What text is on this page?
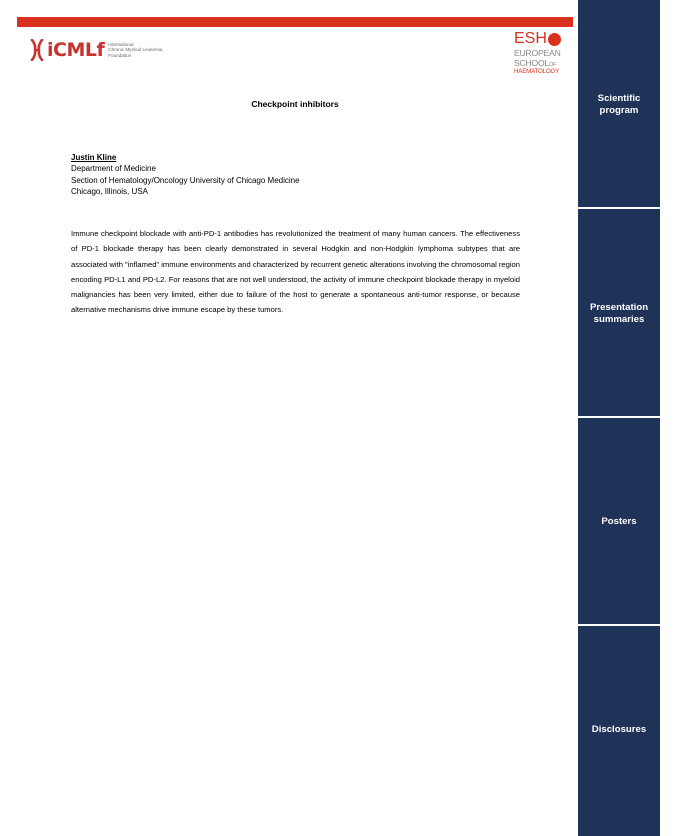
iCMLf International
Chronic Myeloid Leukemia
Foundation
ESH
EUROPEAN
SCHOOLOF
HAEMATOLOGY
Checkpoint inhibitors
Justin Kline
Department of Medicine
Section of Hematology/Oncology University of Chicago Medicine
Chicago, Illinois, USA
Immune checkpoint blockade with anti-PD-1 antibodies has revolutionized the treatment of many human cancers. The effectiveness of PD-1 blockade therapy has been clearly demonstrated in several Hodgkin and non-Hodgkin lymphoma subtypes that are associated with "inflamed" immune environments and characterized by recurrent genetic alterations involving the chromosomal region encoding PD-L1 and PD-L2. For reasons that are not well understood, the activity of immune checkpoint blockade therapy in myeloid malignancies has been very limited, either due to failure of the host to generate a spontaneous anti-tumor response, or because alternative mechanisms drive immune escape by these tumors.
Scientific
program
Presentation
summaries
Posters
Disclosures
